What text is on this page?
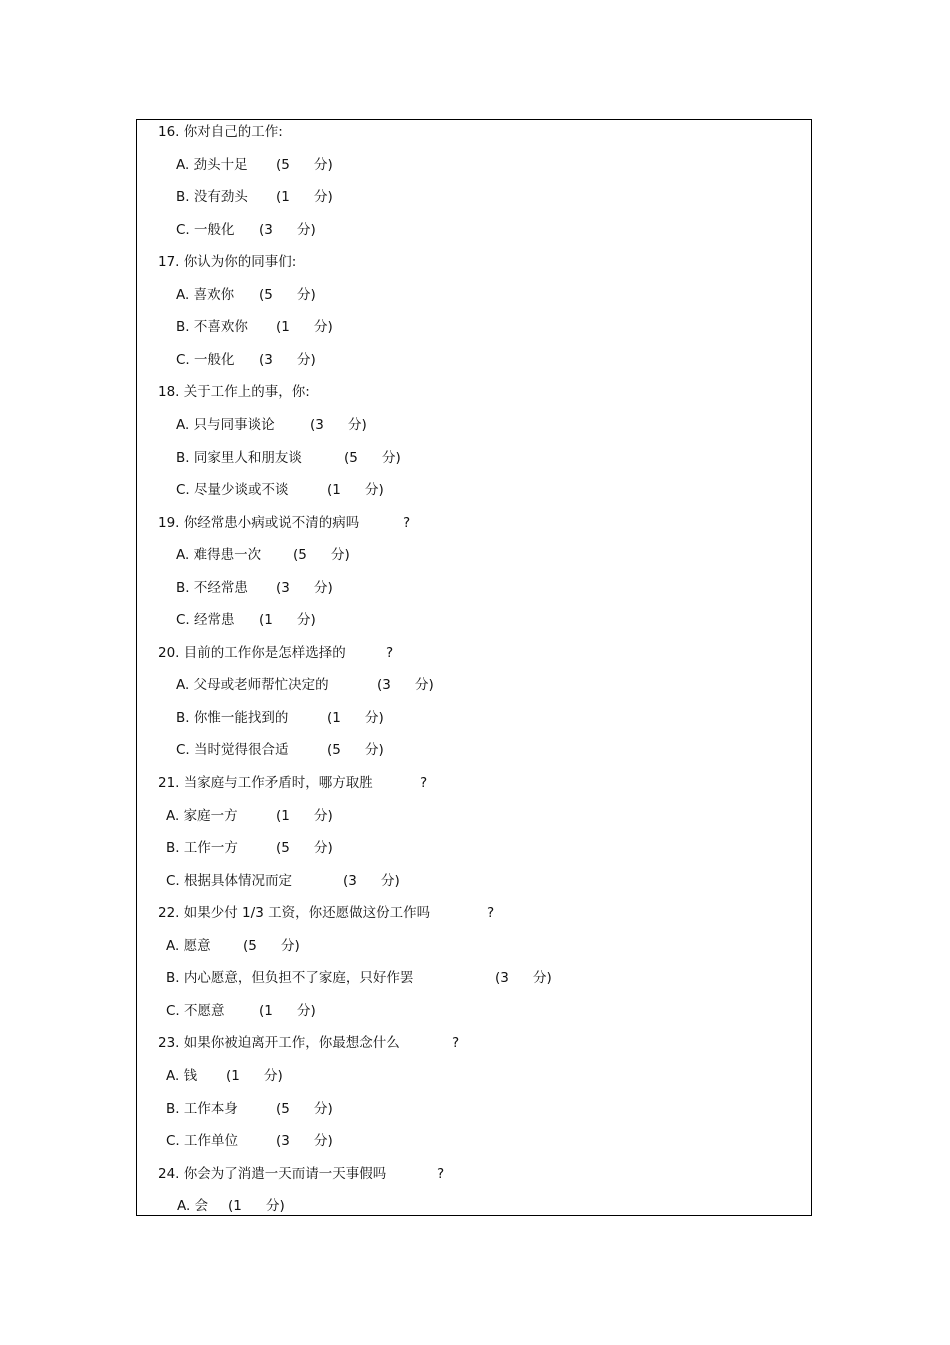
16. 你对自己的工作:
A. 劲头十足 (5 分)
B. 没有劲头 (1 分)
C. 一般化 (3 分)
17. 你认为你的同事们:
A. 喜欢你 (5 分)
B. 不喜欢你 (1 分)
C. 一般化 (3 分)
18. 关于工作上的事，你:
A. 只与同事谈论	(3 分)
B. 同家里人和朋友谈	(5 分)
C. 尽量少谈或不谈	(1 分)
19. 你经常患小病或说不清的病吗	?
A. 难得患一次 (5 分)
B. 不经常患 (3 分)
C. 经常患 (1 分)
20. 目前的工作你是怎样选择的	?
A. 父母或老师帮忙决定的	(3 分)
B. 你惟一能找到的	(1 分)
C. 当时觉得很合适	(5 分)
21. 当家庭与工作矛盾时，哪方取胜	?
A. 家庭一方	(1 分)
B. 工作一方	(5 分)
C. 根据具体情况而定	(3 分)
22. 如果少付 1/3 工资，你还愿做这份工作吗	?
A. 愿意 (5 分)
B. 内心愿意，但负担不了家庭，只好作罢	(3 分)
C. 不愿意	(1 分)
23. 如果你被迫离开工作，你最想念什么	?
A. 钱 (1 分)
B. 工作本身	(5 分)
C. 工作单位	(3 分)
24. 你会为了消遣一天而请一天事假吗	?
A. 会 (1 分)
